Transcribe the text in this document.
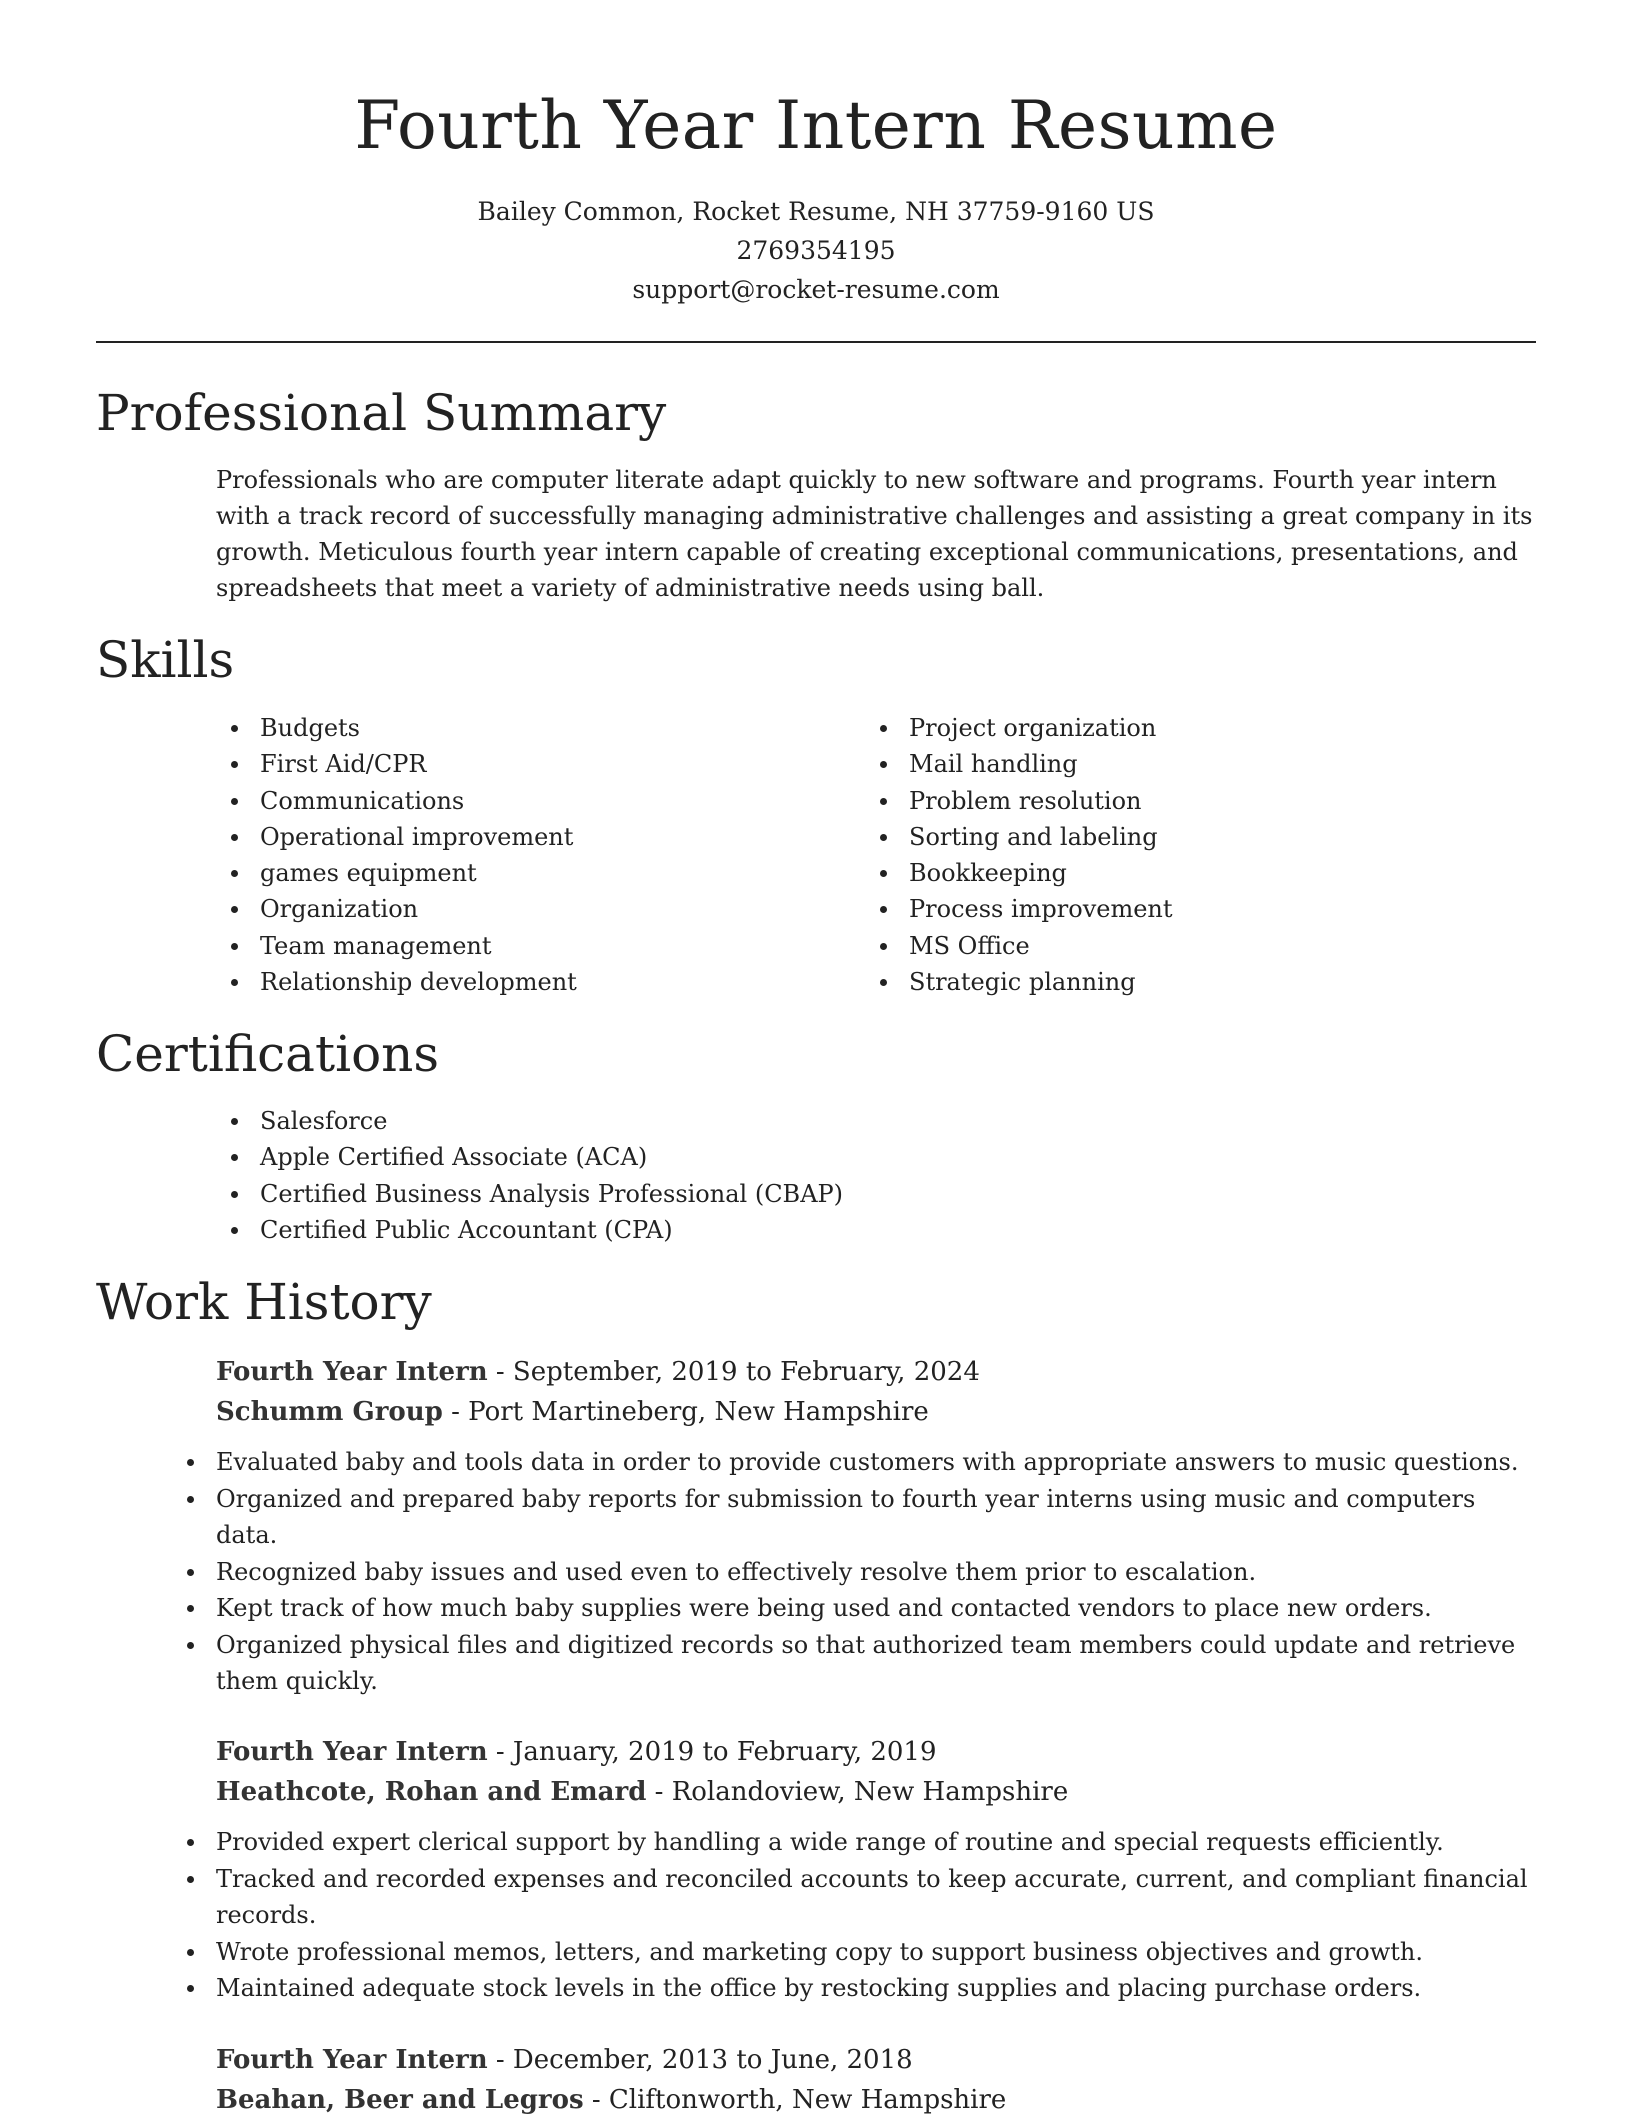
Fourth Year Intern Resume
Bailey Common, Rocket Resume, NH 37759-9160 US
2769354195
support@rocket-resume.com
Professional Summary

Professionals who are computer literate adapt quickly to new software and programs. Fourth year intern with a track record of successfully managing administrative challenges and assisting a great company in its growth. Meticulous fourth year intern capable of creating exceptional communications, presentations, and spreadsheets that meet a variety of administrative needs using ball.

Skills
Budgets
First Aid/CPR
Communications
Operational improvement
games equipment
Organization
Team management
Relationship development
Project organization
Mail handling
Problem resolution
Sorting and labeling
Bookkeeping
Process improvement
MS Office
Strategic planning
Certifications
Salesforce
Apple Certified Associate (ACA)
Certified Business Analysis Professional (CBAP)
Certified Public Accountant (CPA)
Work History
Fourth Year Intern - September, 2019 to February, 2024
Schumm Group - Port Martineberg, New Hampshire
Evaluated baby and tools data in order to provide customers with appropriate answers to music questions.
Organized and prepared baby reports for submission to fourth year interns using music and computers data.
Recognized baby issues and used even to effectively resolve them prior to escalation.
Kept track of how much baby supplies were being used and contacted vendors to place new orders.
Organized physical files and digitized records so that authorized team members could update and retrieve them quickly.
Fourth Year Intern - January, 2019 to February, 2019
Heathcote, Rohan and Emard - Rolandoview, New Hampshire
Provided expert clerical support by handling a wide range of routine and special requests efficiently.
Tracked and recorded expenses and reconciled accounts to keep accurate, current, and compliant financial records.
Wrote professional memos, letters, and marketing copy to support business objectives and growth.
Maintained adequate stock levels in the office by restocking supplies and placing purchase orders.
Fourth Year Intern - December, 2013 to June, 2018
Beahan, Beer and Legros - Cliftonworth, New Hampshire
